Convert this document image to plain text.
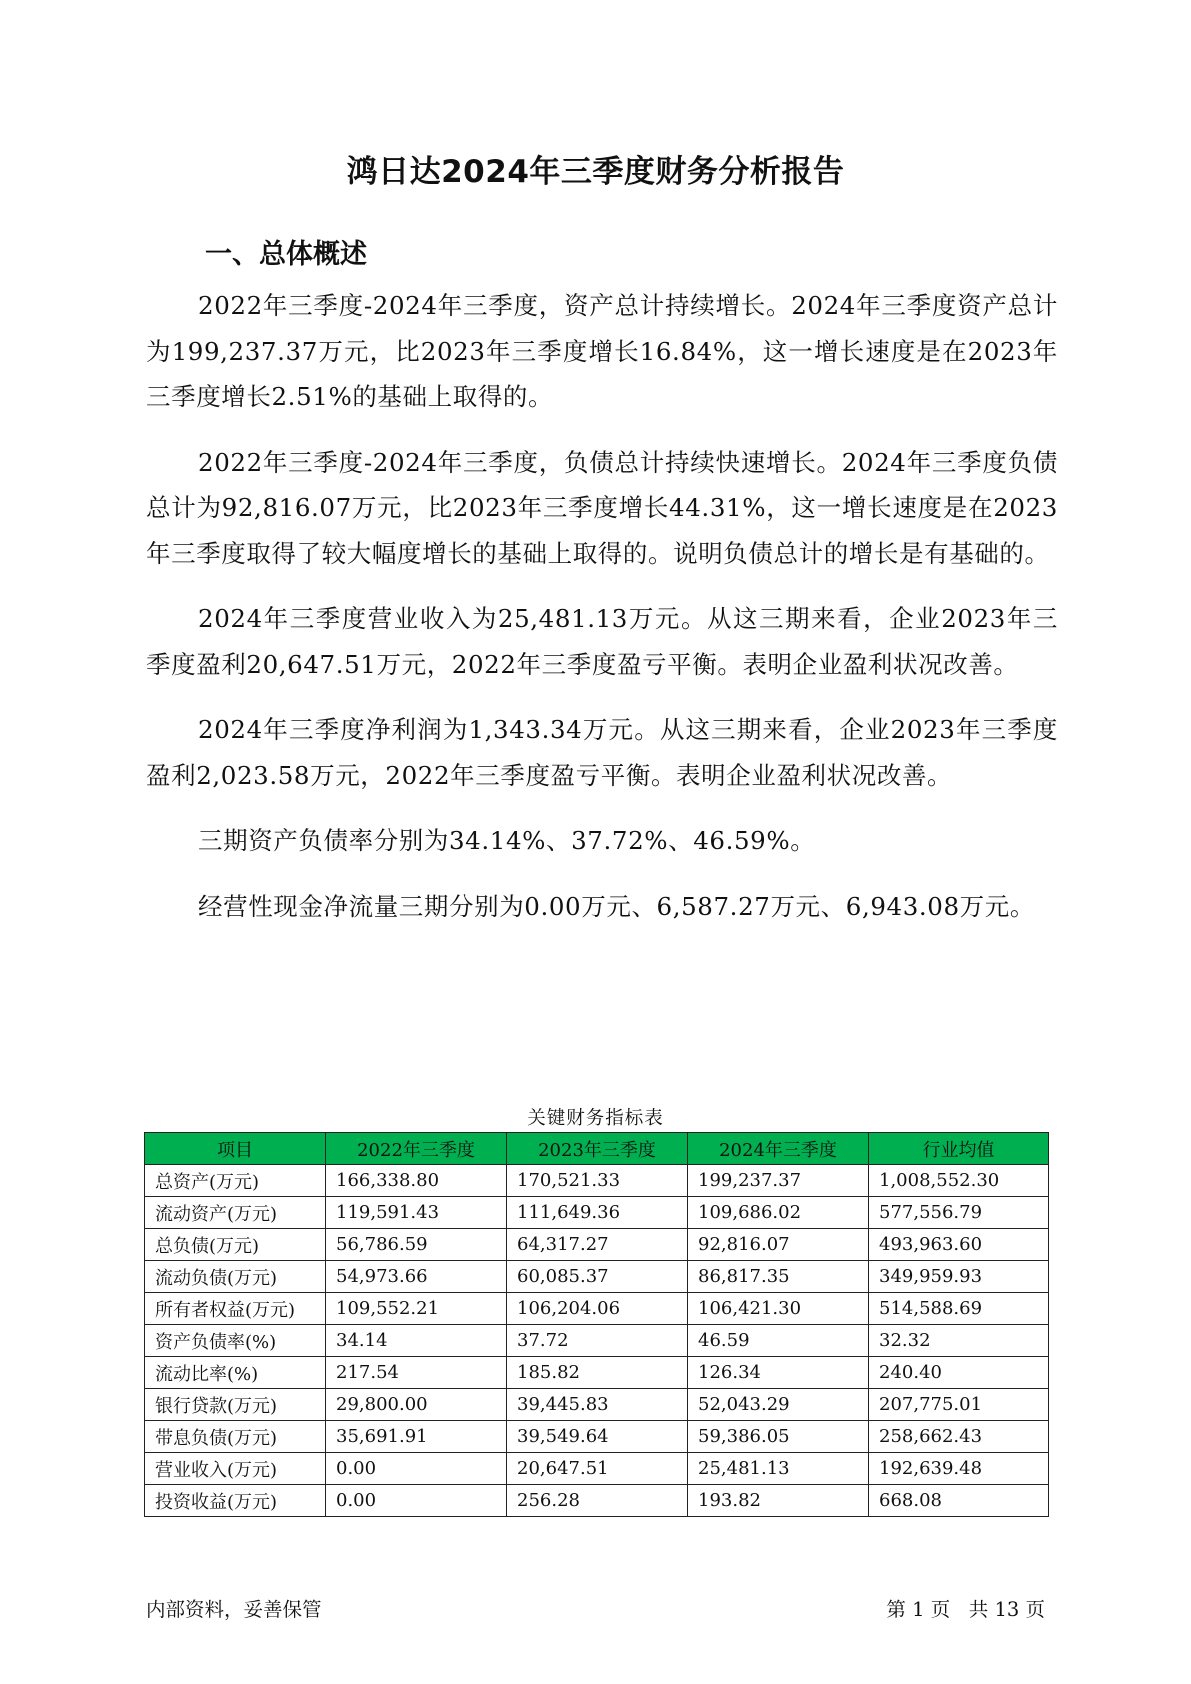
鸿日达2024年三季度财务分析报告
一、总体概述

2022年三季度-2024年三季度，资产总计持续增长。2024年三季度资产总计为199,237.37万元，比2023年三季度增长16.84%，这一增长速度是在2023年三季度增长2.51%的基础上取得的。

2022年三季度-2024年三季度，负债总计持续快速增长。2024年三季度负债总计为92,816.07万元，比2023年三季度增长44.31%，这一增长速度是在2023年三季度取得了较大幅度增长的基础上取得的。说明负债总计的增长是有基础的。

2024年三季度营业收入为25,481.13万元。从这三期来看，企业2023年三季度盈利20,647.51万元，2022年三季度盈亏平衡。表明企业盈利状况改善。

2024年三季度净利润为1,343.34万元。从这三期来看，企业2023年三季度盈利2,023.58万元，2022年三季度盈亏平衡。表明企业盈利状况改善。

三期资产负债率分别为34.14%、37.72%、46.59%。

经营性现金净流量三期分别为0.00万元、6,587.27万元、6,943.08万元。

关键财务指标表
项目	2022年三季度	2023年三季度	2024年三季度	行业均值
总资产(万元)	166,338.80	170,521.33	199,237.37	1,008,552.30
流动资产(万元)	119,591.43	111,649.36	109,686.02	577,556.79
总负债(万元)	56,786.59	64,317.27	92,816.07	493,963.60
流动负债(万元)	54,973.66	60,085.37	86,817.35	349,959.93
所有者权益(万元)	109,552.21	106,204.06	106,421.30	514,588.69
资产负债率(%)	34.14	37.72	46.59	32.32
流动比率(%)	217.54	185.82	126.34	240.40
银行贷款(万元)	29,800.00	39,445.83	52,043.29	207,775.01
带息负债(万元)	35,691.91	39,549.64	59,386.05	258,662.43
营业收入(万元)	0.00	20,647.51	25,481.13	192,639.48
投资收益(万元)	0.00	256.28	193.82	668.08
内部资料，妥善保管	第 1 页   共 13 页
